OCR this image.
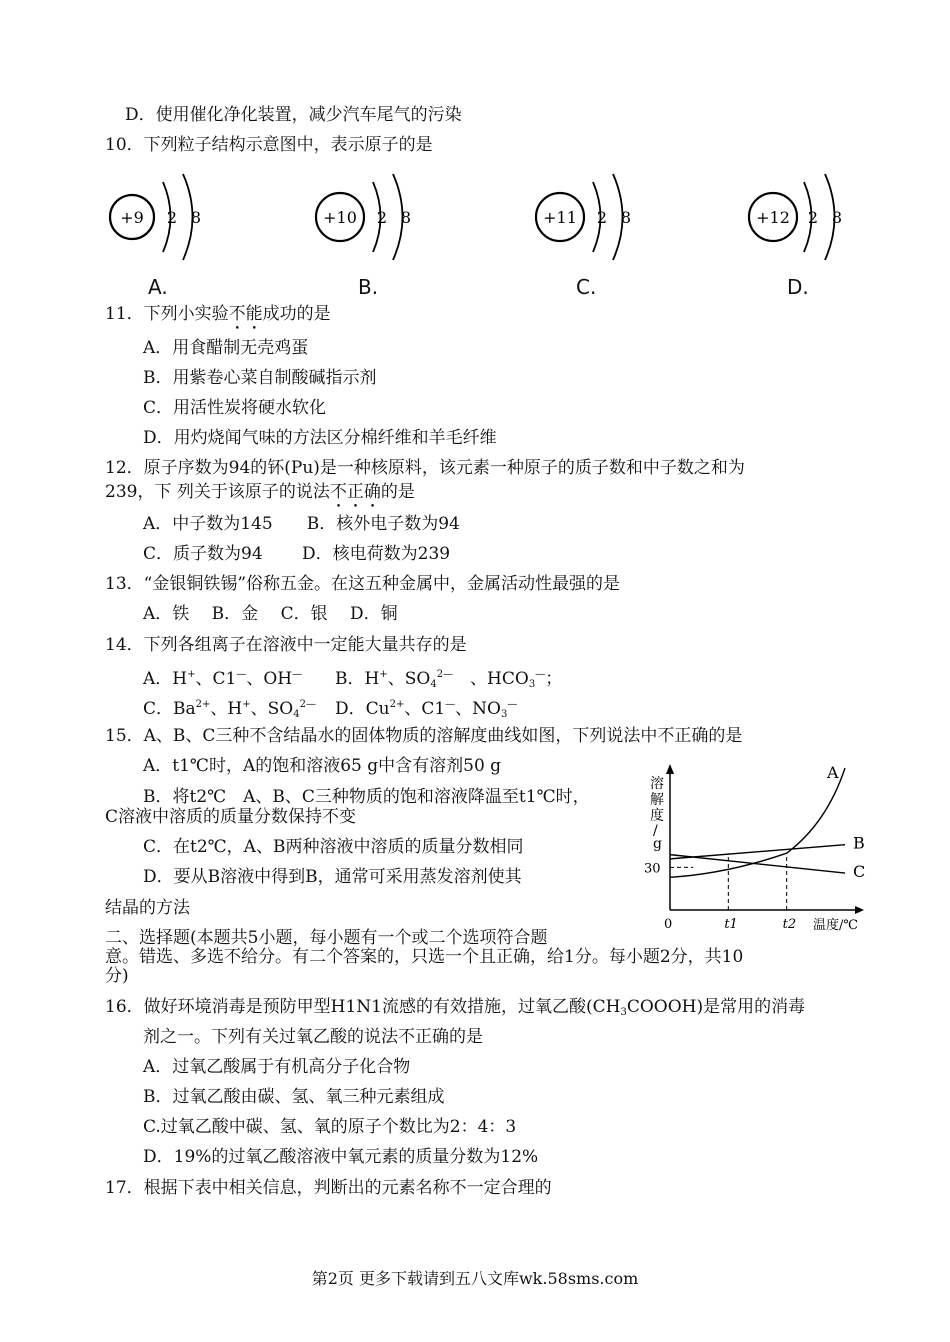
D．使用催化净化装置，减少汽车尾气的污染
10．下列粒子结构示意图中，表示原子的是
+9 2 8
A.
+10 2 8
B.
+11 2 8
C.
+12 2 8
D.
11．下列小实验不能成功的是
A．用食醋制无壳鸡蛋
B．用紫卷心菜自制酸碱指示剂
C．用活性炭将硬水软化
D．用灼烧闻气味的方法区分棉纤维和羊毛纤维
12．原子序数为94的钚(Pu)是一种核原料，该元素一种原子的质子数和中子数之和为
239，下 列关于该原子的说法不正确的是
A．中子数为145　　B．核外电子数为94
C．质子数为94　　 D．核电荷数为239
13．“金银铜铁锡”俗称五金。在这五种金属中，金属活动性最强的是
A．铁　 B．金　 C．银　 D．铜
14．下列各组离子在溶液中一定能大量共存的是
A．H+、C1—、OH— B．H+、$SO_4^{2—}$　、$HCO_3^—$；
C．$Ba^{2+}$、H+、$SO_4^{2—}$ D．$Cu^{2+}$、C1—、$NO_3^—$
15．A、B、C三种不含结晶水的固体物质的溶解度曲线如图，下列说法中不正确的是
A．t1℃时，A的饱和溶液65 g中含有溶剂50 g
B．将t2℃　A、B、C三种物质的饱和溶液降温至t1℃时，
C溶液中溶质的质量分数保持不变
C．在t2℃，A、B两种溶液中溶质的质量分数相同
D．要从B溶液中得到B，通常可采用蒸发溶剂使其
结晶的方法
溶
解
度
/
g
温度/℃
A
B
C
30
0	t1	t2
二、选择题(本题共5小题，每小题有一个或二个选项符合题
意。错选、多选不给分。有二个答案的，只选一个且正确，给1分。每小题2分，共10
分)
16．做好环境消毒是预防甲型H1N1流感的有效措施，过氧乙酸$(CH_3COOOH)$是常用的消毒
剂之一。下列有关过氧乙酸的说法不正确的是
A．过氧乙酸属于有机高分子化合物
B．过氧乙酸由碳、氢、氧三种元素组成
C.过氧乙酸中碳、氢、氧的原子个数比为2：4：3
D．19%的过氧乙酸溶液中氧元素的质量分数为12%
17．根据下表中相关信息，判断出的元素名称不一定合理的
第2页 更多下载请到五八文库wk.58sms.com
